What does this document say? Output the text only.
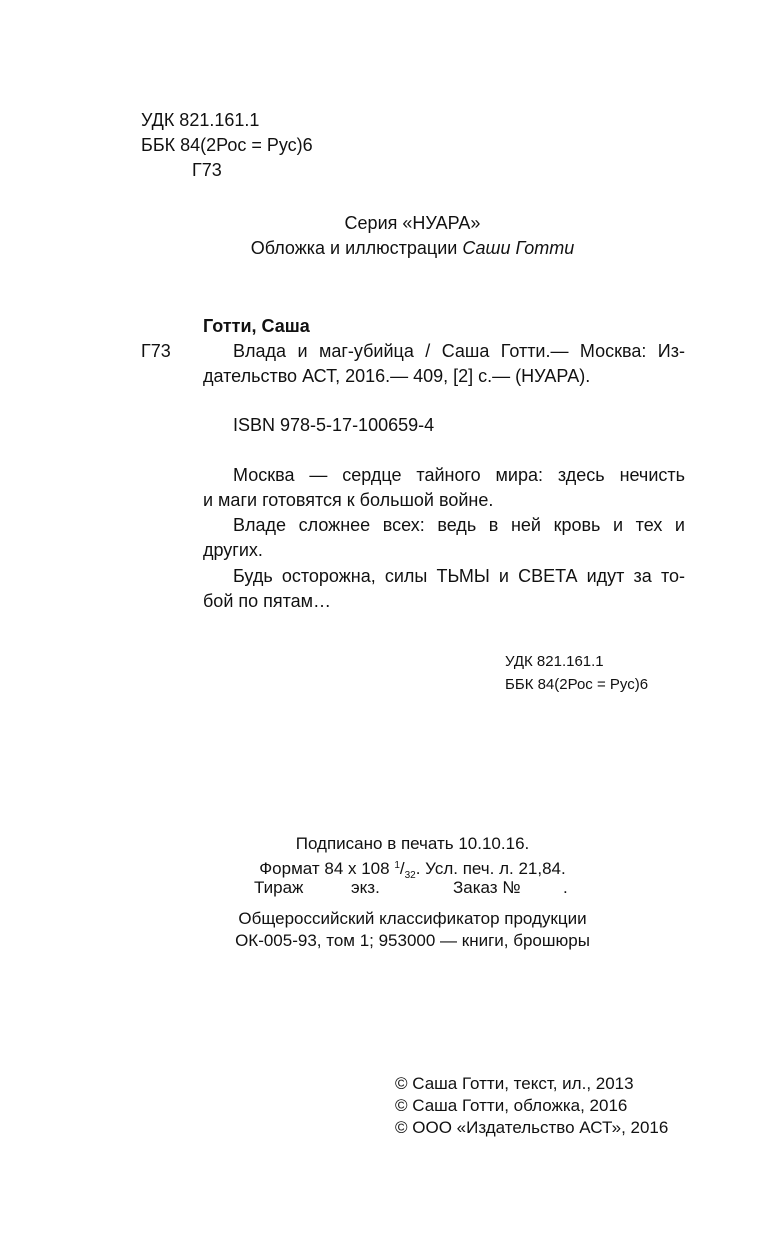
УДК 821.161.1
ББК 84(2Рос = Рус)6
Г73
Серия «НУАРА»
Обложка и иллюстрации Саши Готти
Готти, Саша
Г73	Влада и маг-убийца / Саша Готти.— Москва: Из-
дательство АСТ, 2016.— 409, [2] с.— (НУАРА).
ISBN 978-5-17-100659-4
Москва — сердце тайного мира: здесь нечисть
и маги готовятся к большой войне.
Владе сложнее всех: ведь в ней кровь и тех и
других.
Будь осторожна, силы ТЬМЫ и СВЕТА идут за то-
бой по пятам…
УДК 821.161.1
ББК 84(2Рос = Рус)6
Подписано в печать 10.10.16.
Формат 84 х 108 $^1/_{32}$. Усл. печ. л. 21,84.
Тираж	экз.	Заказ № .
Общероссийский классификатор продукции
ОК-005-93, том 1; 953000 — книги, брошюры
© Саша Готти, текст, ил., 2013
© Саша Готти, обложка, 2016
© ООО «Издательство АСТ», 2016
